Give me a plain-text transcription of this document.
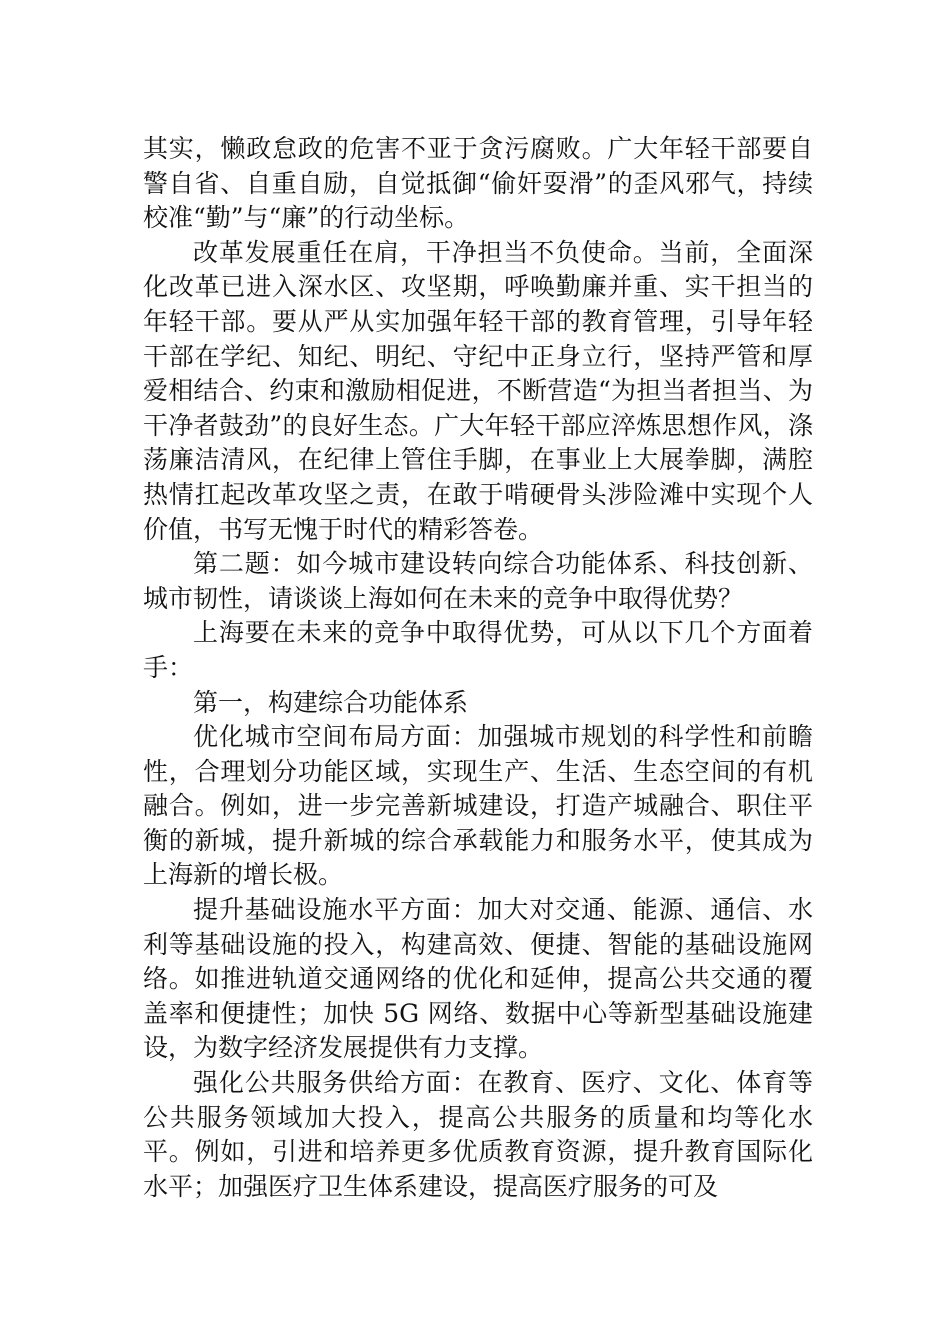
其实，懒政怠政的危害不亚于贪污腐败。广大年轻干部要自警自省、自重自励，自觉抵御“偷奸耍滑”的歪风邪气，持续校准“勤”与“廉”的行动坐标。

改革发展重任在肩，干净担当不负使命。当前，全面深化改革已进入深水区、攻坚期，呼唤勤廉并重、实干担当的年轻干部。要从严从实加强年轻干部的教育管理，引导年轻干部在学纪、知纪、明纪、守纪中正身立行，坚持严管和厚爱相结合、约束和激励相促进，不断营造“为担当者担当、为干净者鼓劲”的良好生态。广大年轻干部应淬炼思想作风，涤荡廉洁清风，在纪律上管住手脚，在事业上大展拳脚，满腔热情扛起改革攻坚之责，在敢于啃硬骨头涉险滩中实现个人价值，书写无愧于时代的精彩答卷。

第二题：如今城市建设转向综合功能体系、科技创新、城市韧性，请谈谈上海如何在未来的竞争中取得优势？

上海要在未来的竞争中取得优势，可从以下几个方面着手：

第一，构建综合功能体系

优化城市空间布局方面：加强城市规划的科学性和前瞻性，合理划分功能区域，实现生产、生活、生态空间的有机融合。例如，进一步完善新城建设，打造产城融合、职住平衡的新城，提升新城的综合承载能力和服务水平，使其成为上海新的增长极。

提升基础设施水平方面：加大对交通、能源、通信、水利等基础设施的投入，构建高效、便捷、智能的基础设施网络。如推进轨道交通网络的优化和延伸，提高公共交通的覆盖率和便捷性；加快 5G 网络、数据中心等新型基础设施建设，为数字经济发展提供有力支撑。

强化公共服务供给方面：在教育、医疗、文化、体育等公共服务领域加大投入，提高公共服务的质量和均等化水平。例如，引进和培养更多优质教育资源，提升教育国际化水平；加强医疗卫生体系建设，提高医疗服务的可及
